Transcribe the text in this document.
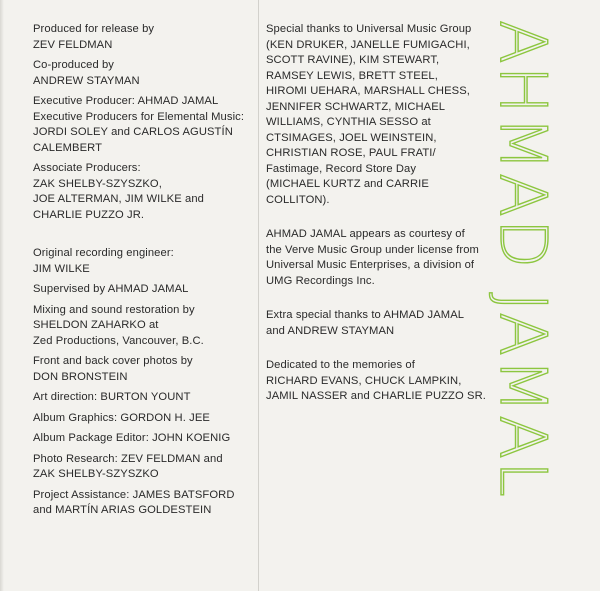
Produced for release by
ZEV FELDMAN
Co-produced by
ANDREW STAYMAN
Executive Producer: AHMAD JAMAL
Executive Producers for Elemental Music:
JORDI SOLEY and CARLOS AGUSTÍN
CALEMBERT
Associate Producers:
ZAK SHELBY-SZYSZKO,
JOE ALTERMAN, JIM WILKE and
CHARLIE PUZZO JR.
Original recording engineer:
JIM WILKE
Supervised by AHMAD JAMAL
Mixing and sound restoration by
SHELDON ZAHARKO at
Zed Productions, Vancouver, B.C.
Front and back cover photos by
DON BRONSTEIN
Art direction: BURTON YOUNT
Album Graphics: GORDON H. JEE
Album Package Editor: JOHN KOENIG
Photo Research: ZEV FELDMAN and
ZAK SHELBY-SZYSZKO
Project Assistance: JAMES BATSFORD
and MARTÍN ARIAS GOLDESTEIN
Special thanks to Universal Music Group
(KEN DRUKER, JANELLE FUMIGACHI,
SCOTT RAVINE), KIM STEWART,
RAMSEY LEWIS, BRETT STEEL,
HIROMI UEHARA, MARSHALL CHESS,
JENNIFER SCHWARTZ, MICHAEL
WILLIAMS, CYNTHIA SESSO at
CTSIMAGES, JOEL WEINSTEIN,
CHRISTIAN ROSE, PAUL FRATI/
Fastimage, Record Store Day
(MICHAEL KURTZ and CARRIE
COLLITON).
AHMAD JAMAL appears as courtesy of
the Verve Music Group under license from
Universal Music Enterprises, a division of
UMG Recordings Inc.
Extra special thanks to AHMAD JAMAL
and ANDREW STAYMAN
Dedicated to the memories of
RICHARD EVANS, CHUCK LAMPKIN,
JAMIL NASSER and CHARLIE PUZZO SR. AHMAD JAMAL
